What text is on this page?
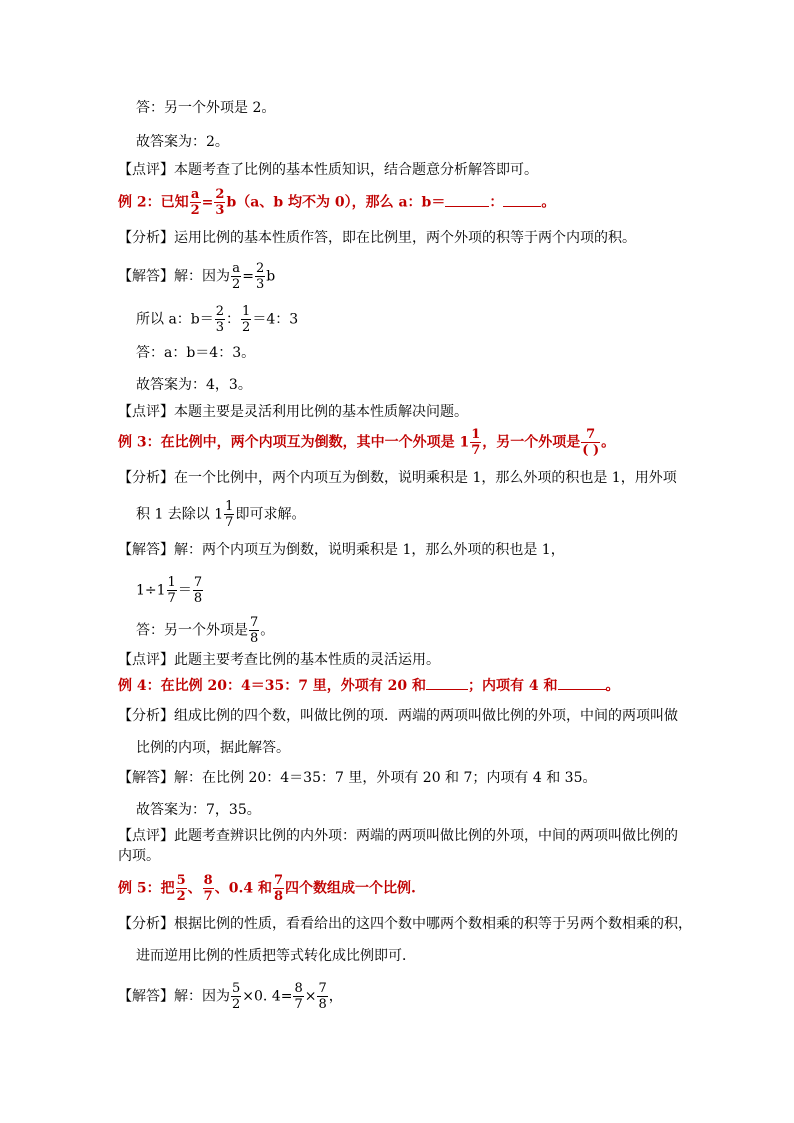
答：另一个外项是 2。
故答案为：2。
【点评】本题考查了比例的基本性质知识，结合题意分析解答即可。
例 2：已知 $\frac{a}{2} = \frac{2}{3} b(a$、b 均不为 0），那么 a：b＝	：	。
【分析】运用比例的基本性质作答，即在比例里，两个外项的积等于两个内项的积。
【解答】解：因为 $\frac{a}{2} = \frac{2}{3}$ b
所以 a：$b= \frac{2}{3}$ ： $\frac{1}{2} =4$：3
答：a：b＝4：3。
故答案为：4，3。
【点评】本题主要是灵活利用比例的基本性质解决问题。
例 3：在比例中，两个内项互为倒数，其中一个外项是 $1 \frac{1}{7}$ ，另一个外项是 $\frac{7}{( )}$ 。
【分析】在一个比例中，两个内项互为倒数，说明乘积是 1，那么外项的积也是 1，用外项
积 1 去除以 $1 \frac{1}{7}$ 即可求解。
【解答】解：两个内项互为倒数，说明乘积是 1，那么外项的积也是 1，
$1\div 1 \frac{1}{7} = \frac{7}{8}$
答：另一个外项是 $\frac{7}{8}$ 。
【点评】此题主要考查比例的基本性质的灵活运用。
例 4：在比例 20：4＝35：7 里，外项有 20 和	；内项有 4 和	。
【分析】组成比例的四个数，叫做比例的项．两端的两项叫做比例的外项，中间的两项叫做
比例的内项，据此解答。
【解答】解：在比例 20：4＝35：7 里，外项有 20 和 7；内项有 4 和 35。
故答案为：7，35。
【点评】此题考查辨识比例的内外项：两端的两项叫做比例的外项，中间的两项叫做比例的
内项。
例 5：把 $\frac{5}{2}$ 、 $\frac{8}{7}$ 、0.4 和 $\frac{7}{8}$ 四个数组成一个比例.
【分析】根据比例的性质，看看给出的这四个数中哪两个数相乘的积等于另两个数相乘的积，
进而逆用比例的性质把等式转化成比例即可．
【解答】解：因为 $\frac{5}{2} \times 0$. $4= \frac{8}{7} \times \frac{7}{8}$ ，
